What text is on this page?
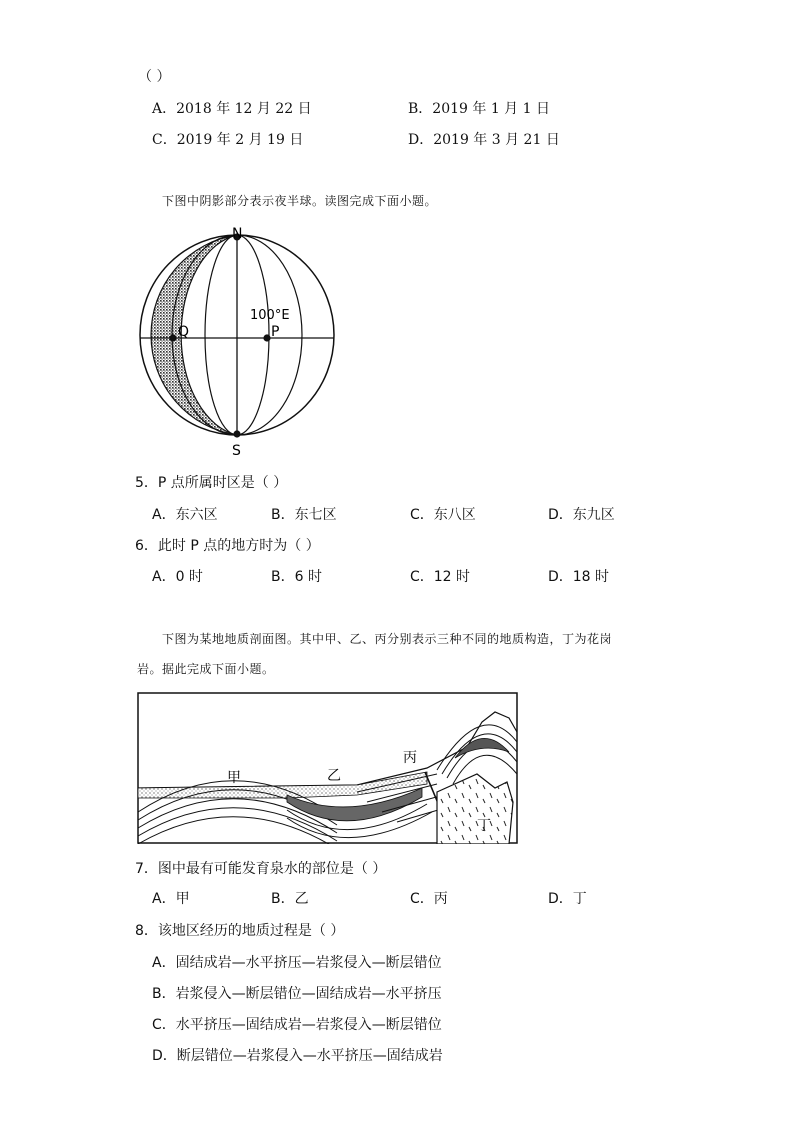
（ ）
A．2018 年 12 月 22 日	B．2019 年 1 月 1 日
C．2019 年 2 月 19 日	D．2019 年 3 月 21 日
下图中阴影部分表示夜半球。读图完成下面小题。
N
S
Q	P
100°E
5．P 点所属时区是（ ）
A．东六区	B．东七区	C．东八区	D．东九区
6．此时 P 点的地方时为（ ）
A．0 时	B．6 时	C．12 时	D．18 时
下图为某地地质剖面图。其中甲、乙、丙分别表示三种不同的地质构造，丁为花岗
岩。据此完成下面小题。
甲	乙
丙
丁
7．图中最有可能发育泉水的部位是（ ）
A．甲	B．乙	C．丙	D．丁
8．该地区经历的地质过程是（ ）
A．固结成岩—水平挤压—岩浆侵入—断层错位
B．岩浆侵入—断层错位—固结成岩—水平挤压
C．水平挤压—固结成岩—岩浆侵入—断层错位
D．断层错位—岩浆侵入—水平挤压—固结成岩
